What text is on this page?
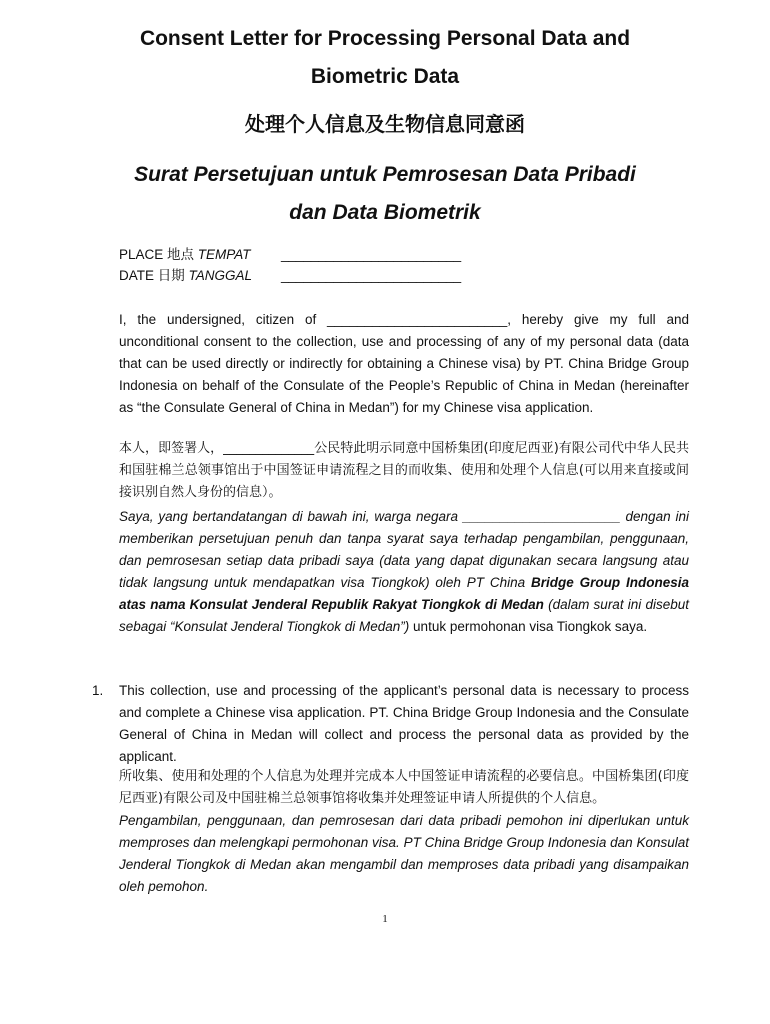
Consent Letter for Processing Personal Data and
Biometric Data
处理个人信息及生物信息同意函
Surat Persetujuan untuk Pemrosesan Data Pribadi
dan Data Biometrik
PLACE 地点 TEMPAT ________________________
DATE 日期 TANGGAL ________________________

I, the undersigned, citizen of ________________________, hereby give my full and unconditional consent to the collection, use and processing of any of my personal data (data that can be used directly or indirectly for obtaining a Chinese visa) by PT. China Bridge Group Indonesia on behalf of the Consulate of the People’s Republic of China in Medan (hereinafter as “the Consulate General of China in Medan”) for my Chinese visa application.

本人，即签署人，______________公民特此明示同意中国桥集团(印度尼西亚)有限公司代中华人民共和国驻棉兰总领事馆出于中国签证申请流程之目的而收集、使用和处理个人信息(可以用来直接或间接识别自然人身份的信息）。

Saya, yang bertandatangan di bawah ini, warga negara _____________________ dengan ini memberikan persetujuan penuh dan tanpa syarat saya terhadap pengambilan, penggunaan, dan pemrosesan setiap data pribadi saya (data yang dapat digunakan secara langsung atau tidak langsung untuk mendapatkan visa Tiongkok) oleh PT China Bridge Group Indonesia atas nama Konsulat Jenderal Republik Rakyat Tiongkok di Medan (dalam surat ini disebut sebagai “Konsulat Jenderal Tiongkok di Medan”) untuk permohonan visa Tiongkok saya.

1. This collection, use and processing of the applicant’s personal data is necessary to process and complete a Chinese visa application. PT. China Bridge Group Indonesia and the Consulate General of China in Medan will collect and process the personal data as provided by the applicant.

所收集、使用和处理的个人信息为处理并完成本人中国签证申请流程的必要信息。中国桥集团(印度尼西亚)有限公司及中国驻棉兰总领事馆将收集并处理签证申请人所提供的个人信息。

Pengambilan, penggunaan, dan pemrosesan dari data pribadi pemohon ini diperlukan untuk memproses dan melengkapi permohonan visa. PT China Bridge Group Indonesia dan Konsulat Jenderal Tiongkok di Medan akan mengambil dan memproses data pribadi yang disampaikan oleh pemohon.

1
